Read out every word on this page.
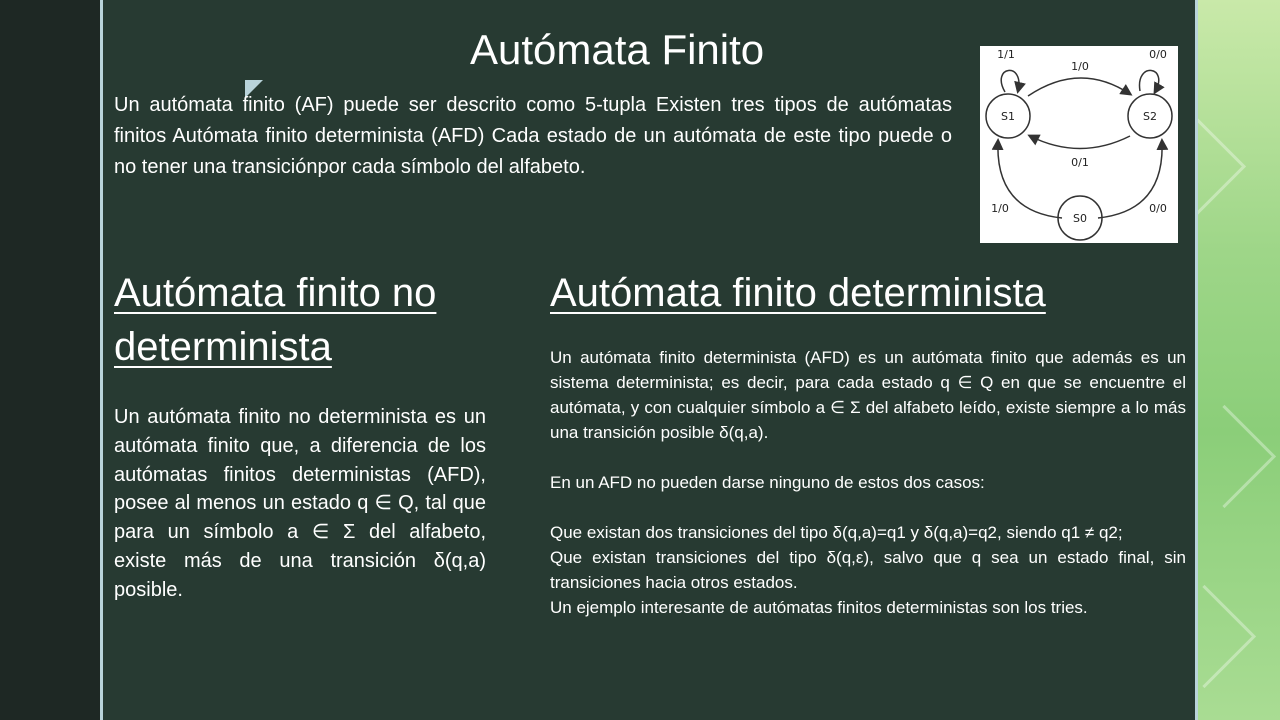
Autómata Finito
Un autómata finito (AF) puede ser descrito como 5-tupla Existen tres tipos de autómatas finitos Autómata finito determinista (AFD) Cada estado de un autómata de este tipo puede o no tener una transiciónpor cada símbolo del alfabeto.
S1	S2
S0
1/1	0/0
1/0
0/1
1/0	0/0
Autómata finito no determinista
Un autómata finito no determinista es un autómata finito que, a diferencia de los autómatas finitos deterministas (AFD), posee al menos un estado q ∈ Q, tal que para un símbolo a ∈ Σ del alfabeto, existe más de una transición δ(q,a) posible.
Autómata finito determinista

Un autómata finito determinista (AFD) es un autómata finito que además es un sistema determinista; es decir, para cada estado q ∈ Q en que se encuentre el autómata, y con cualquier símbolo a ∈ Σ del alfabeto leído, existe siempre a lo más una transición posible δ(q,a).

En un AFD no pueden darse ninguno de estos dos casos:

Que existan dos transiciones del tipo δ(q,a)=q1 y δ(q,a)=q2, siendo q1 ≠ q2;

Que existan transiciones del tipo δ(q,ε), salvo que q sea un estado final, sin transiciones hacia otros estados.

Un ejemplo interesante de autómatas finitos deterministas son los tries.
